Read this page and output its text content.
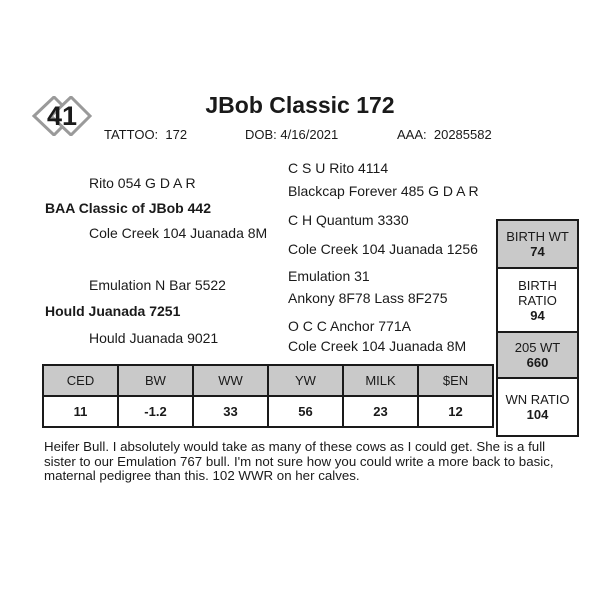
41	JBob Classic 172
TATTOO: 172	DOB: 4/16/2021	AAA: 20285582
C S U Rito 4114
Rito 054 G D A R	Blackcap Forever 485 G D A R
BAA Classic of JBob 442
C H Quantum 3330
Cole Creek 104 Juanada 8M
Cole Creek 104 Juanada 1256
Emulation 31
Emulation N Bar 5522
Ankony 8F78 Lass 8F275
Hould Juanada 7251
O C C Anchor 771A
Hould Juanada 9021	Cole Creek 104 Juanada 8M
CED	BW	WW	YW	MILK	$EN
11	-1.2	33	56	23	12
BIRTH WT
74
BIRTH
RATIO
94
205 WT
660
WN RATIO
104
Heifer Bull. I absolutely would take as many of these cows as I could get. She is a full sister to our Emulation 767 bull. I'm not sure how you could write a more back to basic, maternal pedigree than this. 102 WWR on her calves.
